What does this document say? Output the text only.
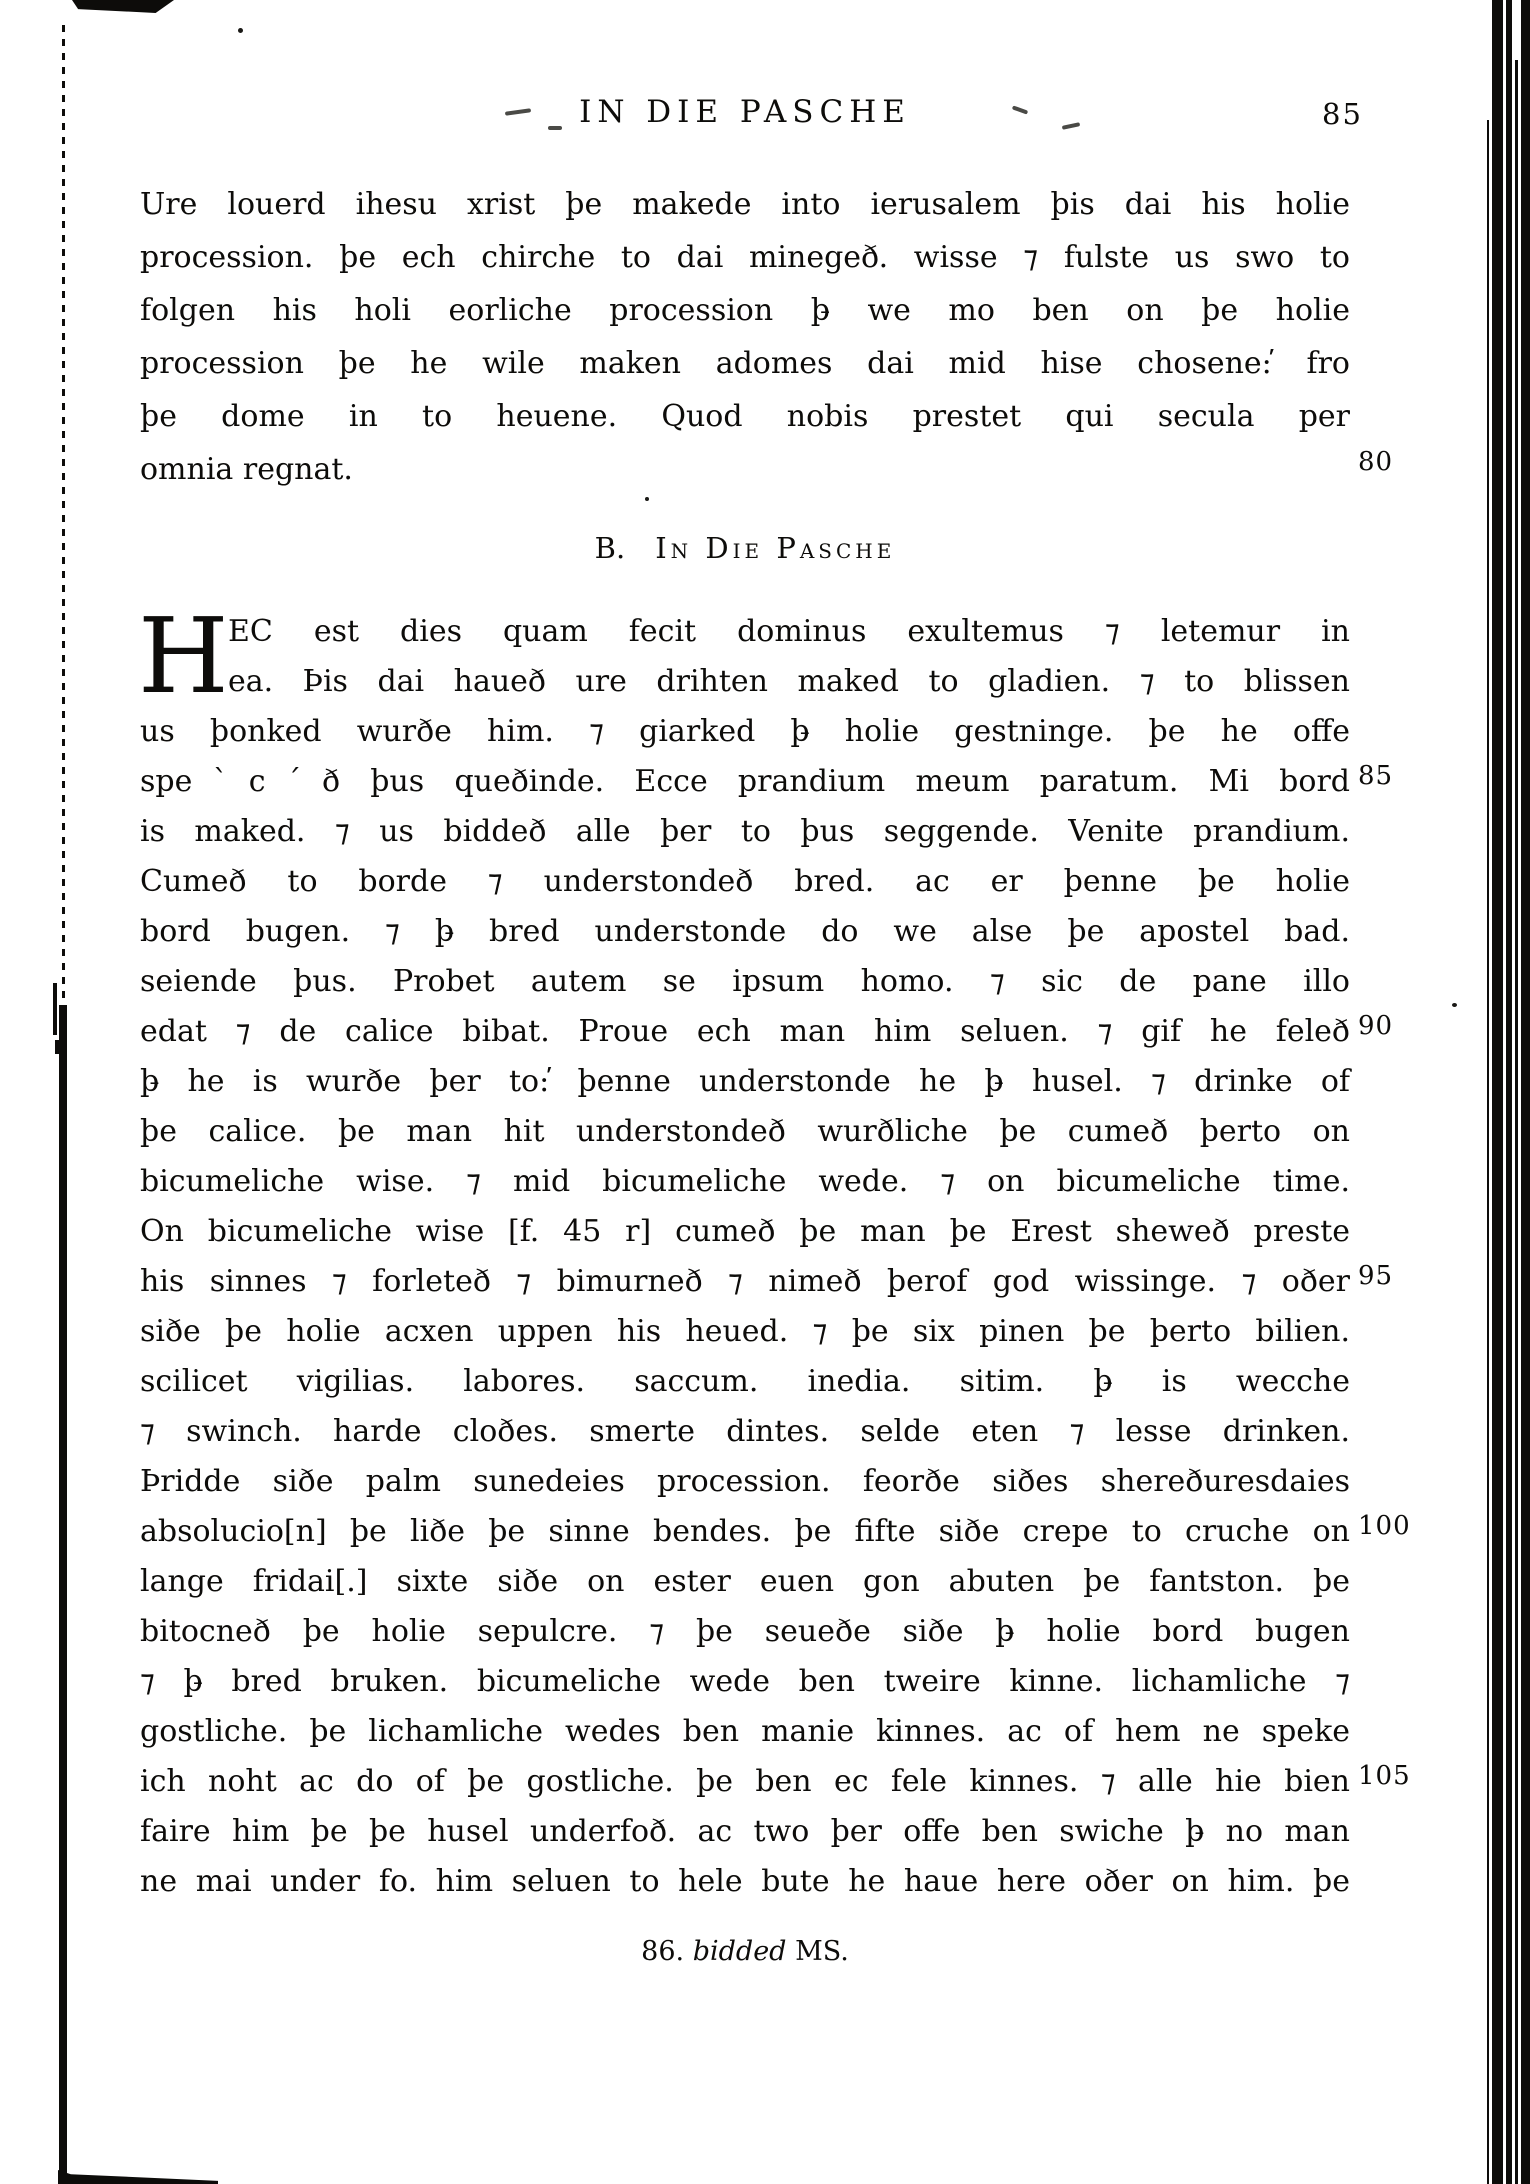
IN DIE PASCHE	85
Ure louerd ihesu xrist þe makede into ierusalem þis dai his holie
procession. þe ech chirche to dai minegeð. wisse ⁊ fulste us swo to
folgen his holi eorliche procession þ̵ we mo ben on þe holie
procession þe he wile maken adomes dai mid hise chosene:̕ fro
þe dome in to heuene. Quod nobis prestet qui secula per
omnia regnat.	80
B. In Die Pasche
H EC est dies quam fecit dominus exultemus ⁊ letemur in
ea. Þis dai haueð ure drihten maked to gladien. ⁊ to blissen
us þonked wurðe him. ⁊ giarked þ̵ holie gestninge. þe he offe
speˋcˊð þus queðinde. Ecce prandium meum paratum. Mi bord
is maked. ⁊ us biddeð alle þer to þus seggende. Venite prandium.
Cumeð to borde ⁊ understondeð bred. ac er þenne þe holie
bord bugen. ⁊ þ̵ bred understonde do we alse þe apostel bad.
seiende þus. Probet autem se ipsum homo. ⁊ sic de pane illo
edat ⁊ de calice bibat. Proue ech man him seluen. ⁊ gif he feleð
þ̵ he is wurðe þer to:̕ þenne understonde he þ̵ husel. ⁊ drinke of
þe calice. þe man hit understondeð wurðliche þe cumeð þerto on
bicumeliche wise. ⁊ mid bicumeliche wede. ⁊ on bicumeliche time.
On bicumeliche wise [f. 45 r] cumeð þe man þe Erest sheweð preste
his sinnes ⁊ forleteð ⁊ bimurneð ⁊ nimeð þerof god wissinge. ⁊ oðer
siðe þe holie acxen uppen his heued. ⁊ þe six pinen þe þerto bilien.
scilicet vigilias. labores. saccum. inedia. sitim. þ̵ is wecche
⁊ swinch. harde cloðes. smerte dintes. selde eten ⁊ lesse drinken.
Þridde siðe palm sunedeies procession. feorðe siðes shereðuresdaies
absolucio[n] þe liðe þe sinne bendes. þe fifte siðe crepe to cruche on
lange fridai[.] sixte siðe on ester euen gon abuten þe fantston. þe
bitocneð þe holie sepulcre. ⁊ þe seueðe siðe þ̵ holie bord bugen
⁊ þ̵ bred bruken. bicumeliche wede ben tweire kinne. lichamliche ⁊
gostliche. þe lichamliche wedes ben manie kinnes. ac of hem ne speke
ich noht ac do of þe gostliche. þe ben ec fele kinnes. ⁊ alle hie bien
faire him þe þe husel underfoð. ac two þer offe ben swiche þ̵ no man
ne mai under fo. him seluen to hele bute he haue here oðer on him. þe
85
90
95
100
105
86. bidded MS.
